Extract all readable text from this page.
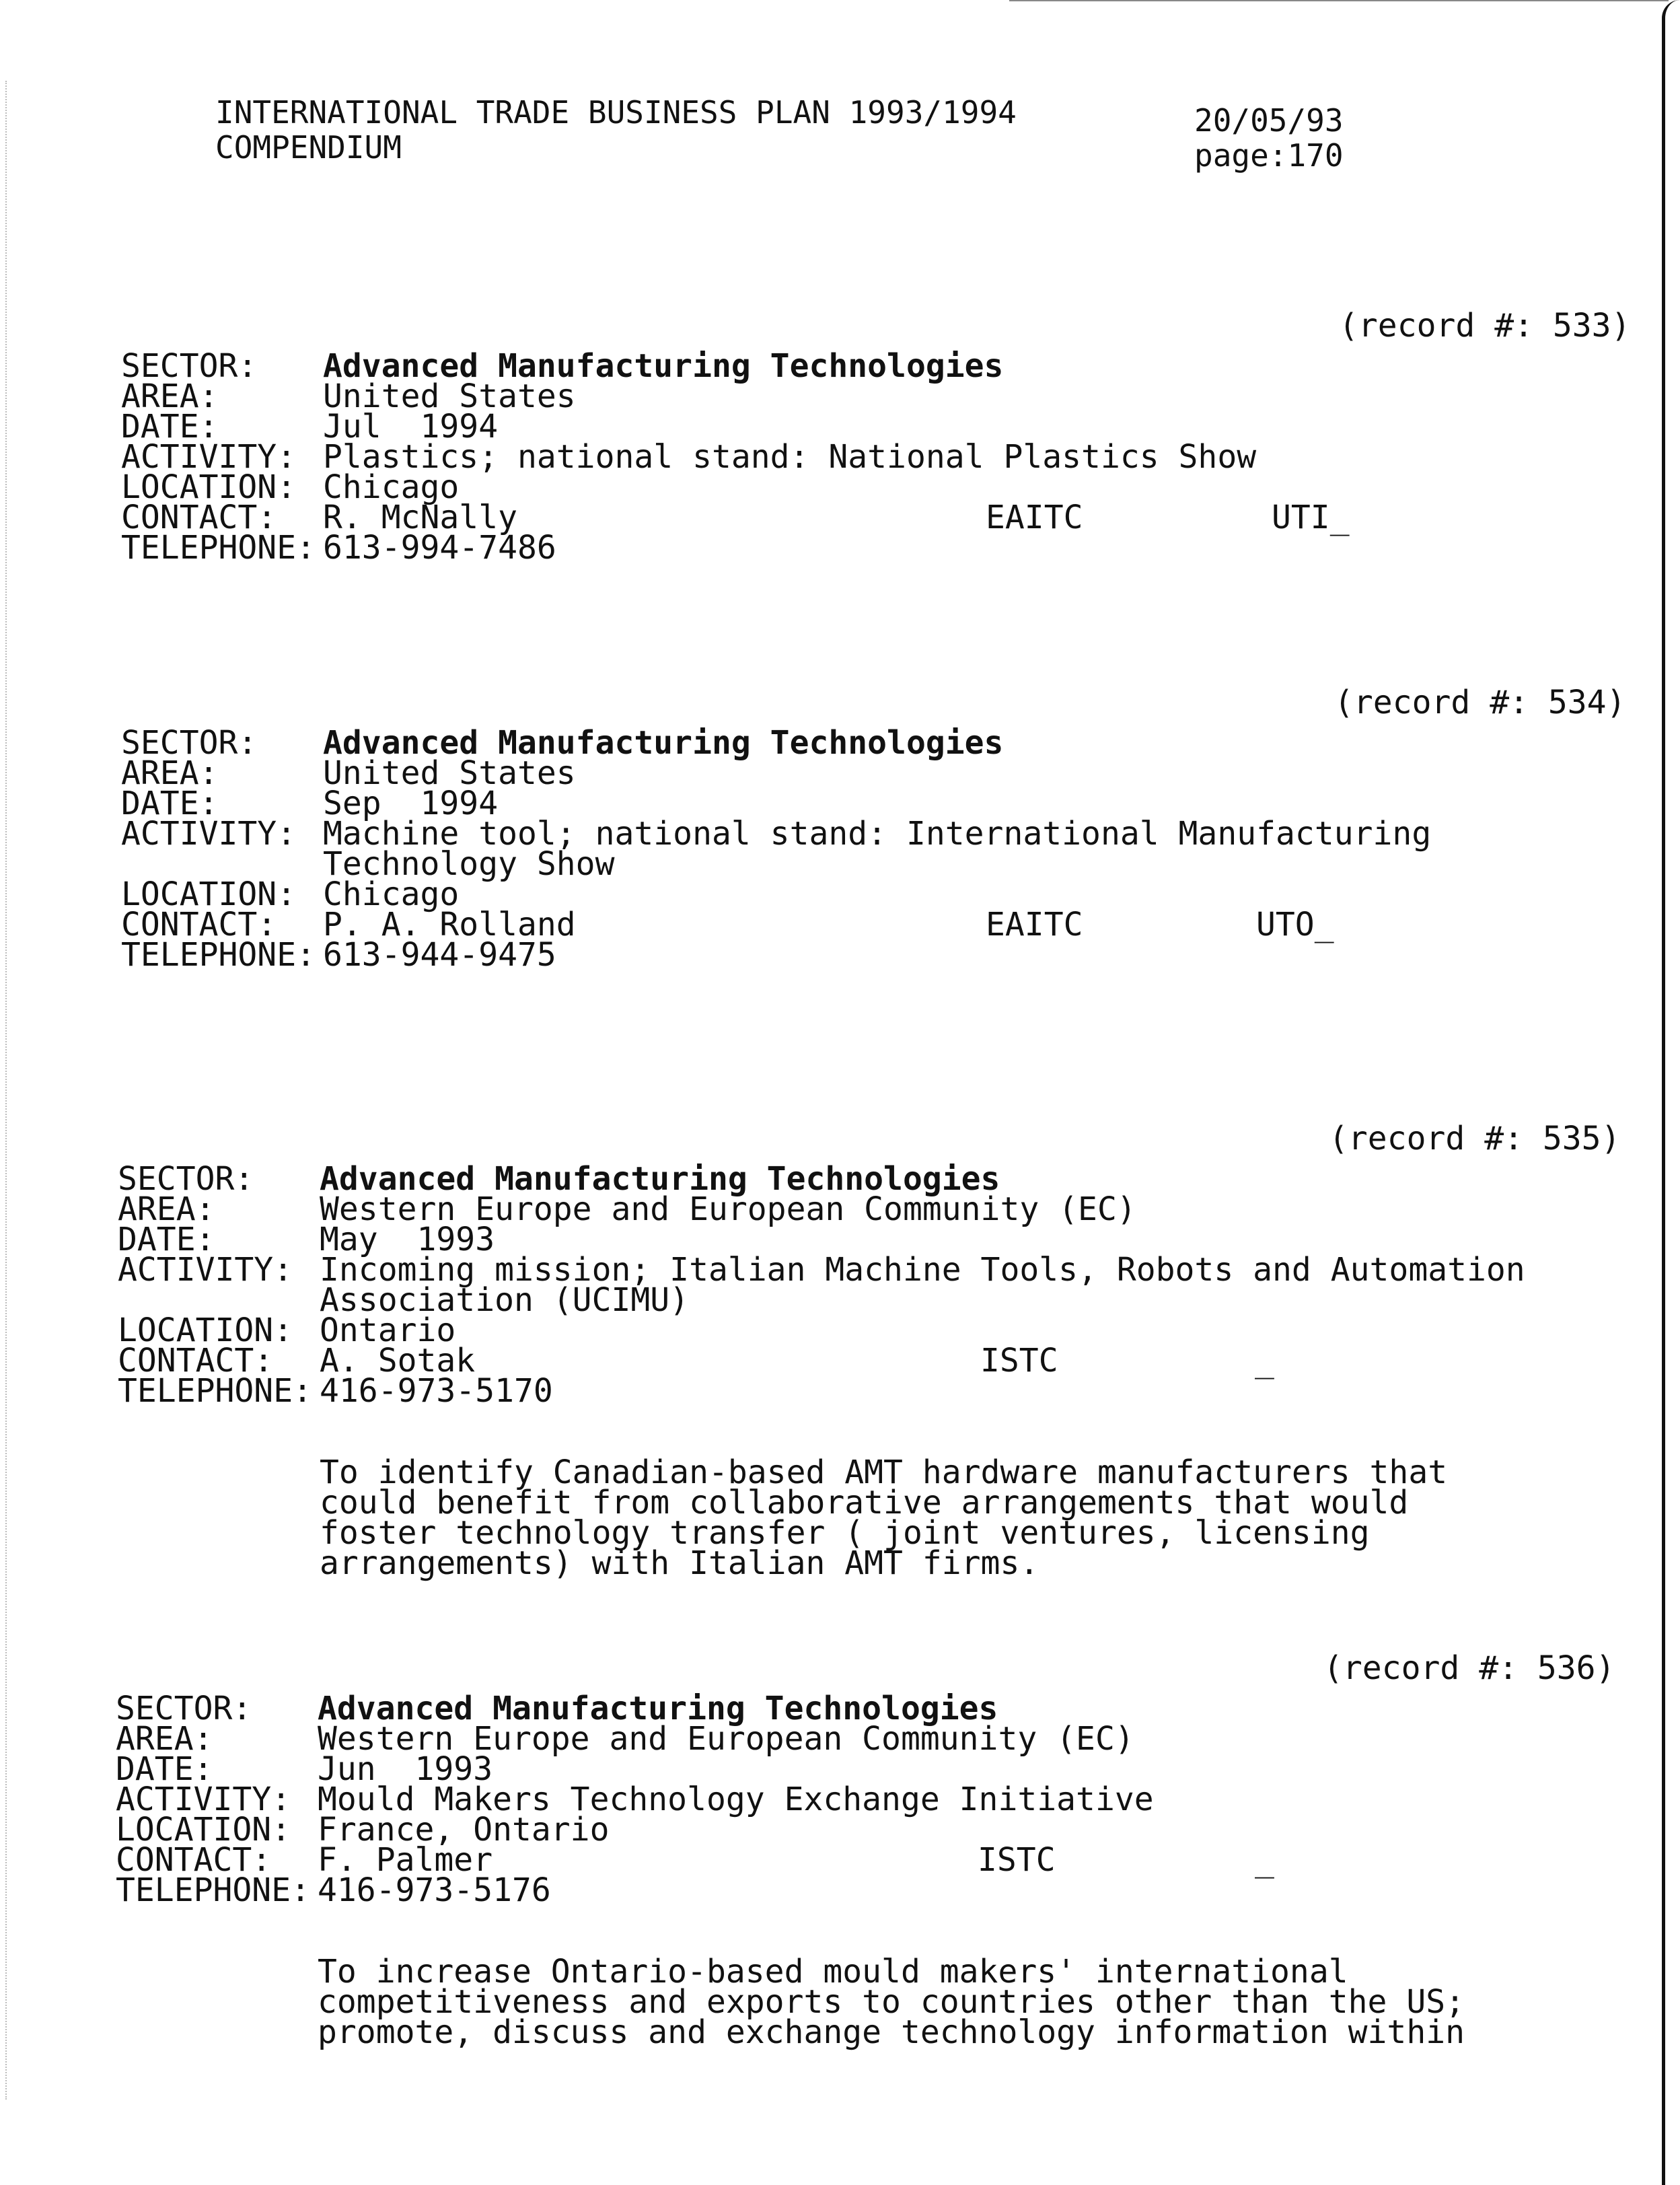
INTERNATIONAL TRADE BUSINESS PLAN 1993/1994
COMPENDIUM
20/05/93
page:170
(record #: 533)
SECTOR:	Advanced Manufacturing Technologies
AREA:	United States
DATE:	Jul  1994
ACTIVITY: Plastics; national stand: National Plastics Show
LOCATION: Chicago
CONTACT:	R. McNally	EAITC	UTI_
TELEPHONE: 613-994-7486
(record #: 534)
SECTOR:	Advanced Manufacturing Technologies
AREA:	United States
DATE:	Sep  1994
ACTIVITY: Machine tool; national stand: International Manufacturing
Technology Show
LOCATION: Chicago
CONTACT:	P. A. Rolland	EAITC	UTO_
TELEPHONE: 613-944-9475
(record #: 535)
SECTOR:	Advanced Manufacturing Technologies
AREA:	Western Europe and European Community (EC)
DATE:	May  1993
ACTIVITY: Incoming mission; Italian Machine Tools, Robots and Automation
Association (UCIMU)
LOCATION: Ontario
CONTACT:	A. Sotak	ISTC	_
TELEPHONE: 416-973-5170
To identify Canadian-based AMT hardware manufacturers that
could benefit from collaborative arrangements that would
foster technology transfer ( joint ventures, licensing
arrangements) with Italian AMT firms.
(record #: 536)
SECTOR:	Advanced Manufacturing Technologies
AREA:	Western Europe and European Community (EC)
DATE:	Jun  1993
ACTIVITY: Mould Makers Technology Exchange Initiative
LOCATION: France, Ontario
CONTACT:	F. Palmer	ISTC	_
TELEPHONE: 416-973-5176
To increase Ontario-based mould makers' international
competitiveness and exports to countries other than the US;
promote, discuss and exchange technology information within
